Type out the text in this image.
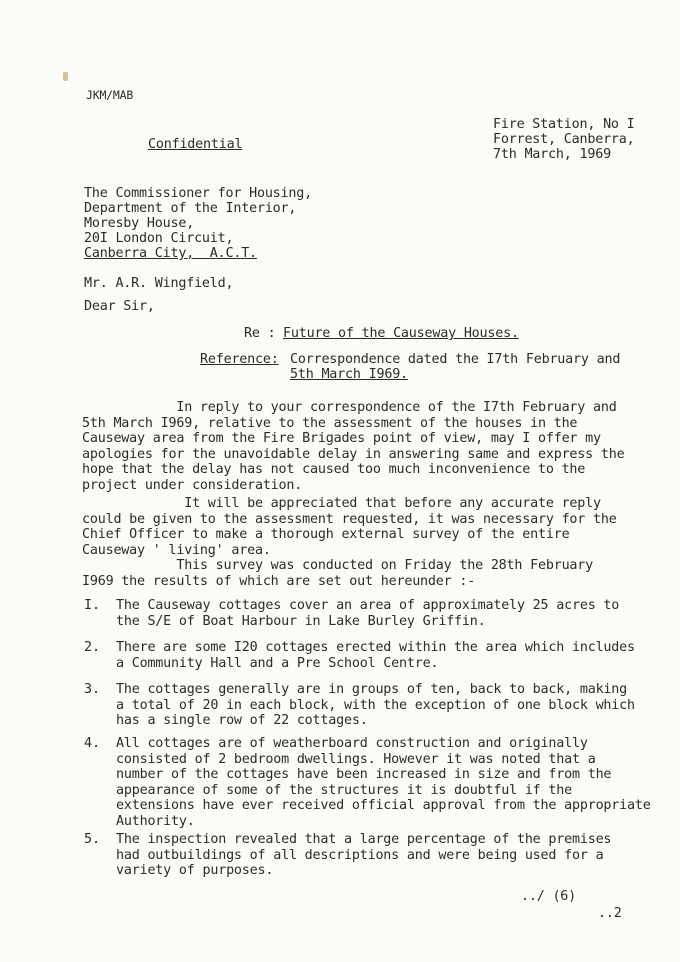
JKM/MAB
Fire Station, No I
Forrest, Canberra,
7th March, 1969
Confidential
The Commissioner for Housing,
Department of the Interior,
Moresby House,
20I London Circuit,
Canberra City,  A.C.T.
Mr. A.R. Wingfield,
Dear Sir,
Re : Future of the Causeway Houses.
Reference: Correspondence dated the I7th February and
5th March I969.
In reply to your correspondence of the I7th February and
5th March I969, relative to the assessment of the houses in the
Causeway area from the Fire Brigades point of view, may I offer my
apologies for the unavoidable delay in answering same and express the
hope that the delay has not caused too much inconvenience to the
project under consideration.
It will be appreciated that before any accurate reply
could be given to the assessment requested, it was necessary for the
Chief Officer to make a thorough external survey of the entire
Causeway ' living' area.
This survey was conducted on Friday the 28th February
I969 the results of which are set out hereunder :-
I. The Causeway cottages cover an area of approximately 25 acres to
the S/E of Boat Harbour in Lake Burley Griffin.
2. There are some I20 cottages erected within the area which includes
a Community Hall and a Pre School Centre.
3. The cottages generally are in groups of ten, back to back, making
a total of 20 in each block, with the exception of one block which
has a single row of 22 cottages.
4. All cottages are of weatherboard construction and originally
consisted of 2 bedroom dwellings. However it was noted that a
number of the cottages have been increased in size and from the
appearance of some of the structures it is doubtful if the
extensions have ever received official approval from the appropriate
Authority.
5. The inspection revealed that a large percentage of the premises
had outbuildings of all descriptions and were being used for a
variety of purposes.
../ (6)
..2
